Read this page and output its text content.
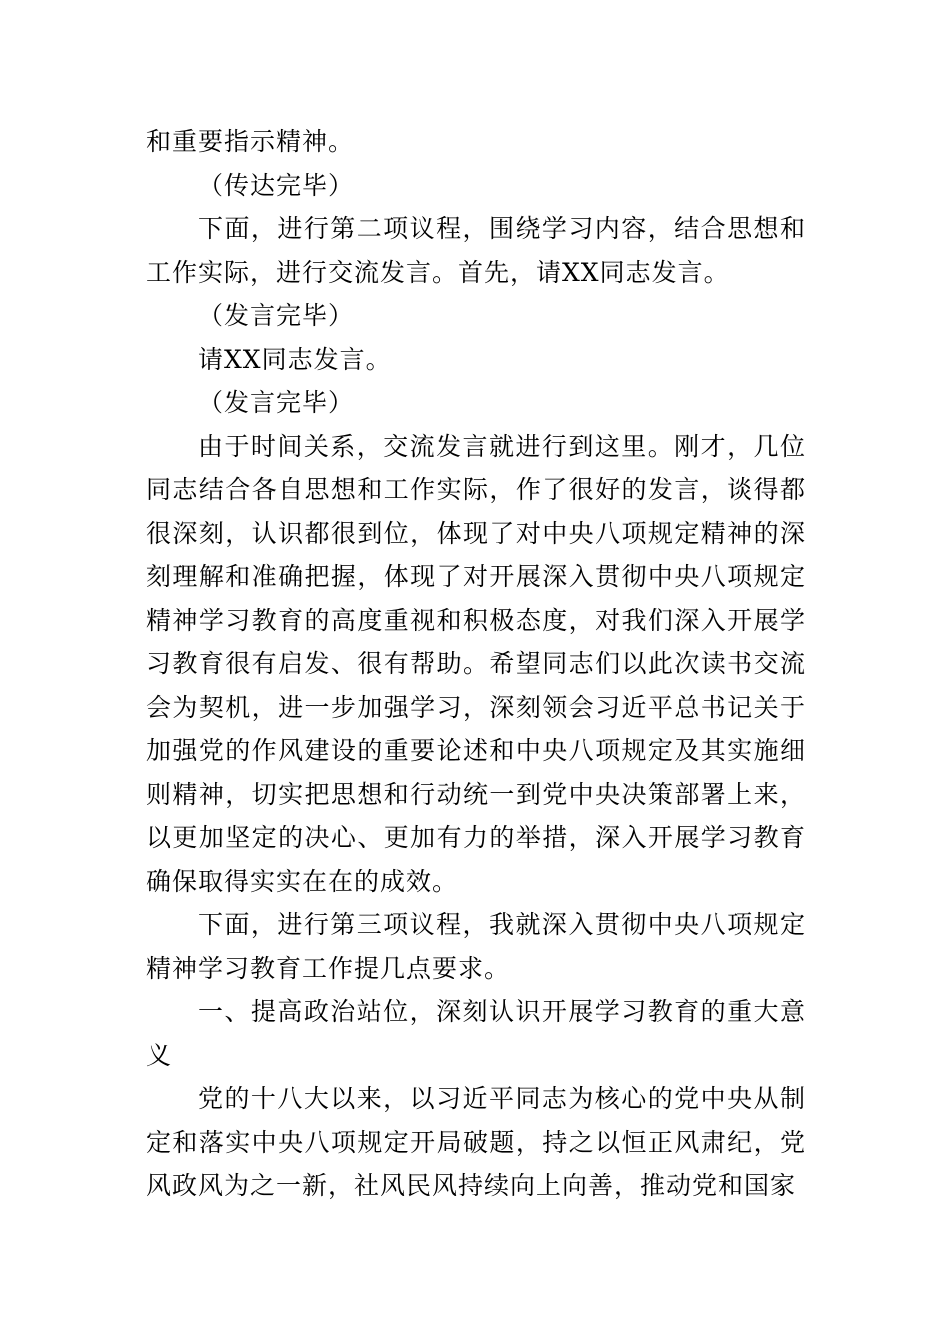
和重要指示精神。

（传达完毕）

下面，进行第二项议程，围绕学习内容，结合思想和工作实际，进行交流发言。首先，请XX同志发言。

（发言完毕）

请XX同志发言。

（发言完毕）

由于时间关系，交流发言就进行到这里。刚才，几位同志结合各自思想和工作实际，作了很好的发言，谈得都很深刻，认识都很到位，体现了对中央八项规定精神的深刻理解和准确把握，体现了对开展深入贯彻中央八项规定精神学习教育的高度重视和积极态度，对我们深入开展学习教育很有启发、很有帮助。希望同志们以此次读书交流会为契机，进一步加强学习，深刻领会习近平总书记关于加强党的作风建设的重要论述和中央八项规定及其实施细则精神，切实把思想和行动统一到党中央决策部署上来，以更加坚定的决心、更加有力的举措，深入开展学习教育确保取得实实在在的成效。

下面，进行第三项议程，我就深入贯彻中央八项规定精神学习教育工作提几点要求。

一、提高政治站位，深刻认识开展学习教育的重大意义

党的十八大以来，以习近平同志为核心的党中央从制定和落实中央八项规定开局破题，持之以恒正风肃纪，党风政风为之一新，社风民风持续向上向善，推动党和国家
